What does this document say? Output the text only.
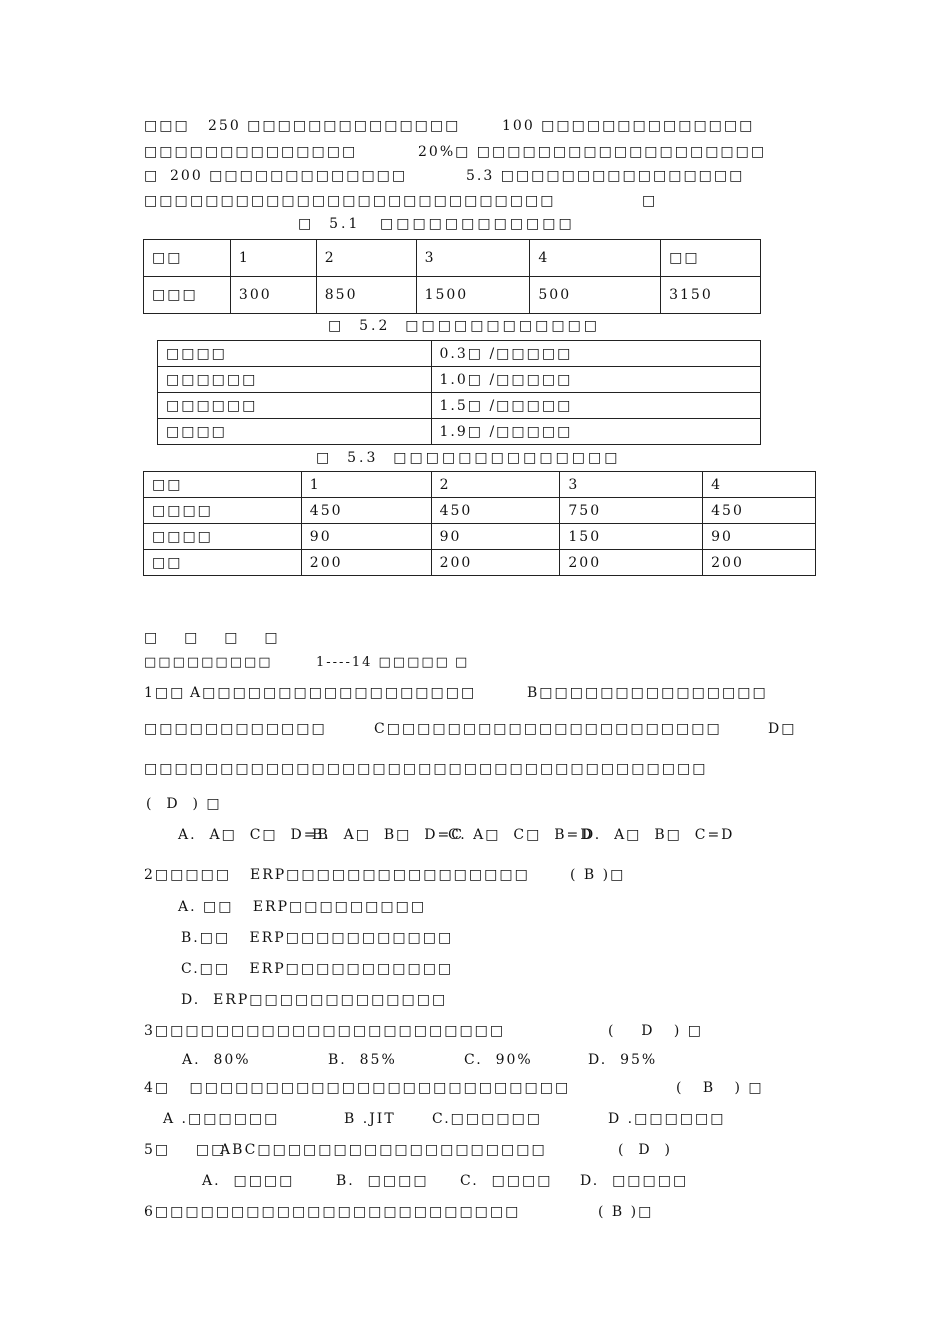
□□□ 250 □□□□□□□□□□□□□□	100 □□□□□□□□□□□□□□
□□□□□□□□□□□□□□	20%□ □□□□□□□□□□□□□□□□□□□
□ 200 □□□□□□□□□□□□□	5.3 □□□□□□□□□□□□□□□□
□□□ □□□□□□□□□□□□□□□□□□□□□□□□	□
□  5.1 □□□□□□□□□□□□
□□	1	2	3	4	□□
□□□	300	850	1500	500	3150
□  5.2  □□□□□□□□□□□□
□□□□	0.3□ /□□□□□
□□□□□□	1.0□ /□□□□□
□□□□□□	1.5□ /□□□□□
□□□□	1.9□ /□□□□□
□  5.3  □□□□□□□□□□□□□□
□□	1	2	3	4
□□□□	450	450	750	450
□□□□	90	90	150	90
□□	200	200	200	200
□  □  □  □
□□□□□□□□□	1----14 □□□□□ □
1□□ A□□□□□□□□□□□□□□□□□□	B□□□□□□□□□□□□□□□
□□□□□□□□□□□□	C□□□□□□□□□□□□□□□□□□□□□□	D□
□□□□□□□□□□□□□□□□□□□□□□□□□□□□□□□□□□□□□
(  D  ) □
A.  A□  C□  D=B
B.  A□  B□  D=C
C. A□  C□  B=D
D.  A□  B□  C=D
2□□□□□ ERP□□□□□□□□□□□□□□□□	( B )□
A. □□   ERP□□□□□□□□□
B.□□   ERP□□□□□□□□□□□
C.□□   ERP□□□□□□□□□□□
D.  ERP□□□□□□□□□□□□□
3□□□□□□□□□□□□□□□□□□□□□□□	(    D   ) □
A.  80%	B.  85%	C.  90%	D.  95%
4□   □□□□□□□□□□□□□□□□□□□□□□□□□	(   B   ) □
A .□□□□□□	B .JIT	C.□□□□□□	D .□□□□□□
5□    □□
ABC□□□□□□□□□□□□□□□□□□□	(  D  )
A.  □□□□	B.  □□□□ C.  □□□□ D.  □□□□□
6□□□□□□□□□□□□□□□□□□□□□□□□	( B )□
